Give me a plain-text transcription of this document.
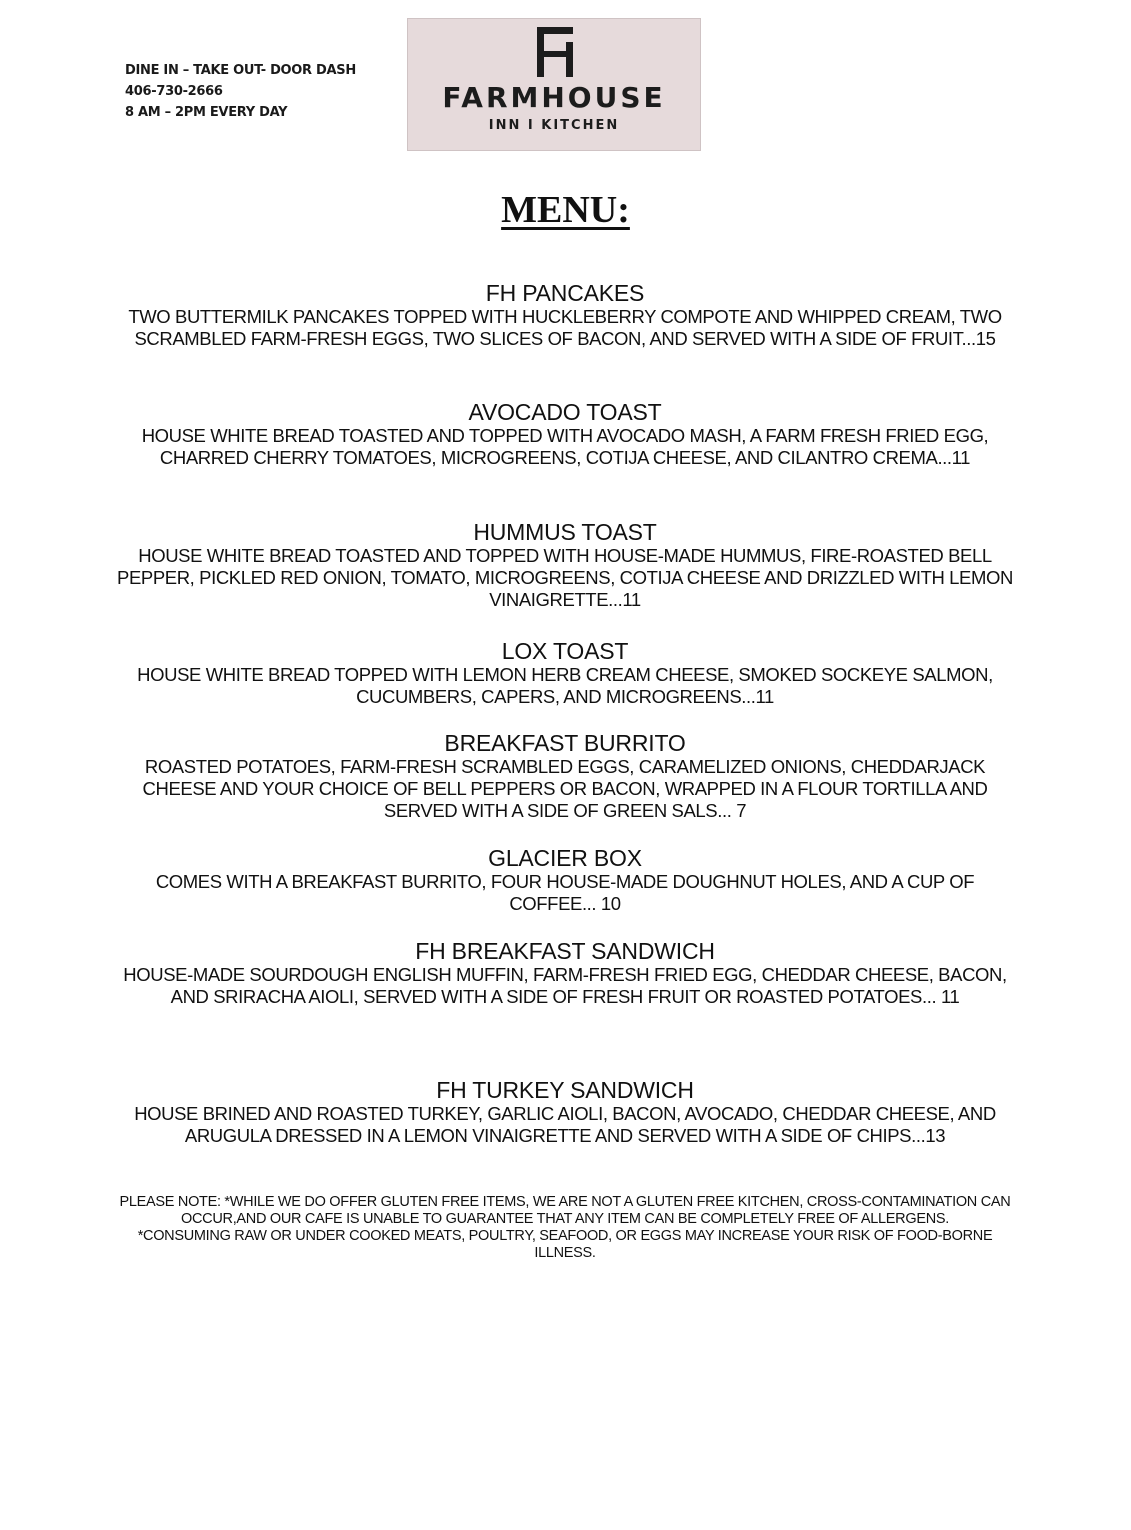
DINE IN – TAKE OUT- DOOR DASH
406-730-2666
8 AM – 2PM EVERY DAY	FARMHOUSE
INN I KITCHEN
MENU:
FH PANCAKES
TWO BUTTERMILK PANCAKES TOPPED WITH HUCKLEBERRY COMPOTE AND WHIPPED CREAM, TWO SCRAMBLED FARM-FRESH EGGS, TWO SLICES OF BACON, AND SERVED WITH A SIDE OF FRUIT...15
AVOCADO TOAST
HOUSE WHITE BREAD TOASTED AND TOPPED WITH AVOCADO MASH, A FARM FRESH FRIED EGG, CHARRED CHERRY TOMATOES, MICROGREENS, COTIJA CHEESE, AND CILANTRO CREMA...11
HUMMUS TOAST
HOUSE WHITE BREAD TOASTED AND TOPPED WITH HOUSE-MADE HUMMUS, FIRE-ROASTED BELL PEPPER, PICKLED RED ONION, TOMATO, MICROGREENS, COTIJA CHEESE AND DRIZZLED WITH LEMON VINAIGRETTE...11
LOX TOAST
HOUSE WHITE BREAD TOPPED WITH LEMON HERB CREAM CHEESE, SMOKED SOCKEYE SALMON, CUCUMBERS, CAPERS, AND MICROGREENS...11
BREAKFAST BURRITO
ROASTED POTATOES, FARM-FRESH SCRAMBLED EGGS, CARAMELIZED ONIONS, CHEDDARJACK CHEESE AND YOUR CHOICE OF BELL PEPPERS OR BACON, WRAPPED IN A FLOUR TORTILLA AND SERVED WITH A SIDE OF GREEN SALS... 7
GLACIER BOX
COMES WITH A BREAKFAST BURRITO, FOUR HOUSE-MADE DOUGHNUT HOLES, AND A CUP OF COFFEE... 10
FH BREAKFAST SANDWICH
HOUSE-MADE SOURDOUGH ENGLISH MUFFIN, FARM-FRESH FRIED EGG, CHEDDAR CHEESE, BACON, AND SRIRACHA AIOLI, SERVED WITH A SIDE OF FRESH FRUIT OR ROASTED POTATOES... 11
FH TURKEY SANDWICH
HOUSE BRINED AND ROASTED TURKEY, GARLIC AIOLI, BACON, AVOCADO, CHEDDAR CHEESE, AND ARUGULA DRESSED IN A LEMON VINAIGRETTE AND SERVED WITH A SIDE OF CHIPS...13
PLEASE NOTE: *WHILE WE DO OFFER GLUTEN FREE ITEMS, WE ARE NOT A GLUTEN FREE KITCHEN, CROSS-CONTAMINATION CAN OCCUR,AND OUR CAFE IS UNABLE TO GUARANTEE THAT ANY ITEM CAN BE COMPLETELY FREE OF ALLERGENS.
*CONSUMING RAW OR UNDER COOKED MEATS, POULTRY, SEAFOOD, OR EGGS MAY INCREASE YOUR RISK OF FOOD-BORNE ILLNESS.
